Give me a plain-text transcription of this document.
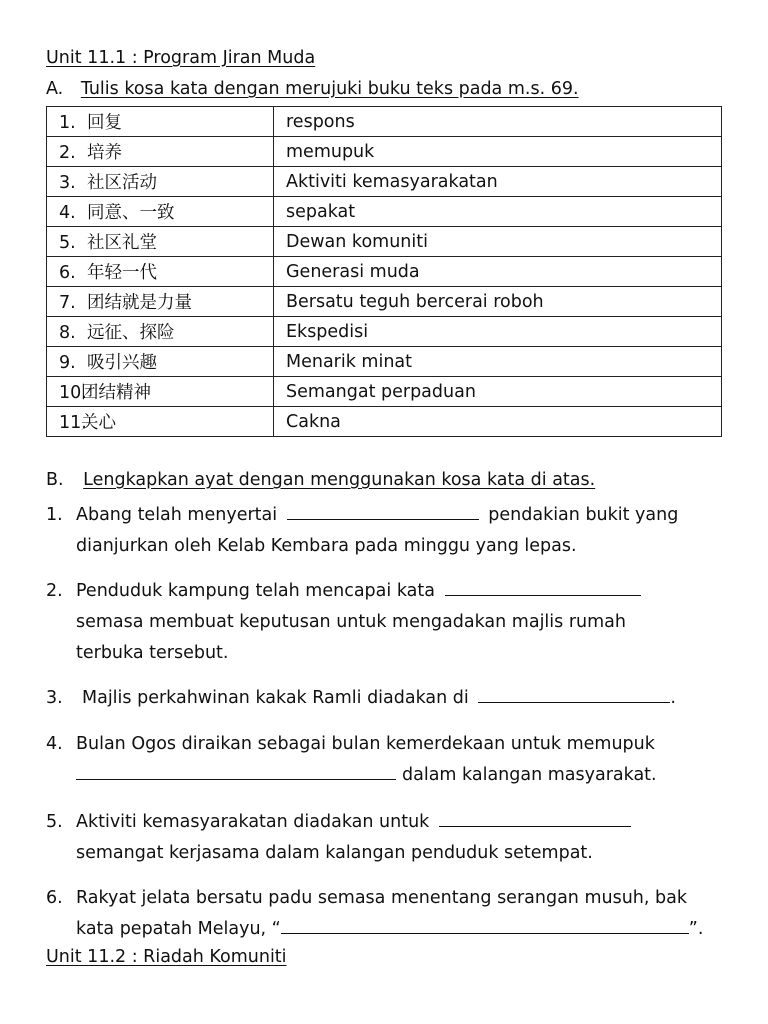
Unit 11.1 : Program Jiran Muda
A. Tulis kosa kata dengan merujuki buku teks pada m.s. 69.
1. 回复	respons
2. 培养	memupuk
3. 社区活动	Aktiviti kemasyarakatan
4. 同意、一致	sepakat
5. 社区礼堂	Dewan komuniti
6. 年轻一代	Generasi muda
7. 团结就是力量	Bersatu teguh bercerai roboh
8. 远征、探险	Ekspedisi
9. 吸引兴趣	Menarik minat
10.团结精神	Semangat perpaduan
11.关心	Cakna
B. Lengkapkan ayat dengan menggunakan kosa kata di atas.
1. Abang telah menyertai	pendakian bukit yang
dianjurkan oleh Kelab Kembara pada minggu yang lepas.
2. Penduduk kampung telah mencapai kata
semasa membuat keputusan untuk mengadakan majlis rumah
terbuka tersebut.
3. Majlis perkahwinan kakak Ramli diadakan di	.
4. Bulan Ogos diraikan sebagai bulan kemerdekaan untuk memupuk
dalam kalangan masyarakat.
5. Aktiviti kemasyarakatan diadakan untuk
semangat kerjasama dalam kalangan penduduk setempat.
6. Rakyat jelata bersatu padu semasa menentang serangan musuh, bak
kata pepatah Melayu, “	”.
Unit 11.2 : Riadah Komuniti
